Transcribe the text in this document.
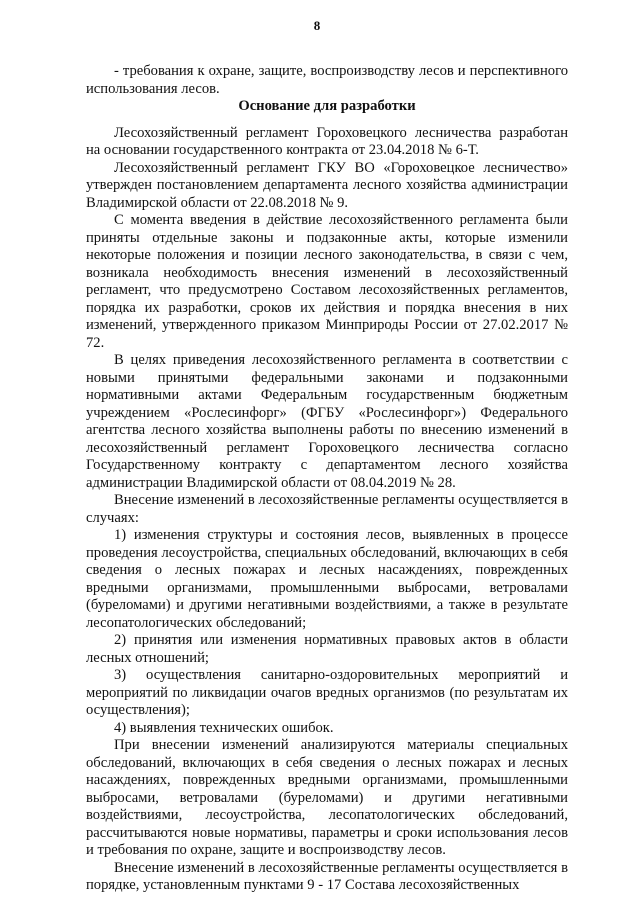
8

- требования к охране, защите, воспроизводству лесов и перспективного использования лесов.

Основание для разработки

Лесохозяйственный регламент Гороховецкого лесничества разработан на основании государственного контракта от 23.04.2018 № 6-Т.

Лесохозяйственный регламент ГКУ ВО «Гороховецкое лесничество» утвержден постановлением департамента лесного хозяйства администрации Владимирской области от 22.08.2018 № 9.

С момента введения в действие лесохозяйственного регламента были приняты отдельные законы и подзаконные акты, которые изменили некоторые положения и позиции лесного законодательства, в связи с чем, возникала необходимость внесения изменений в лесохозяйственный регламент, что предусмотрено Составом лесохозяйственных регламентов, порядка их разработки, сроков их действия и порядка внесения в них изменений, утвержденного приказом Минприроды России от 27.02.2017 № 72.

В целях приведения лесохозяйственного регламента в соответствии с новыми принятыми федеральными законами и подзаконными нормативными актами Федеральным государственным бюджетным учреждением «Рослесинфорг» (ФГБУ «Рослесинфорг») Федерального агентства лесного хозяйства выполнены работы по внесению изменений в лесохозяйственный регламент Гороховецкого лесничества согласно Государственному контракту с департаментом лесного хозяйства администрации Владимирской области от 08.04.2019 № 28.

Внесение изменений в лесохозяйственные регламенты осуществляется в случаях:

1) изменения структуры и состояния лесов, выявленных в процессе проведения лесоустройства, специальных обследований, включающих в себя сведения о лесных пожарах и лесных насаждениях, поврежденных вредными организмами, промышленными выбросами, ветровалами (буреломами) и другими негативными воздействиями, а также в результате лесопатологических обследований;

2) принятия или изменения нормативных правовых актов в области лесных отношений;

3) осуществления санитарно-оздоровительных мероприятий и мероприятий по ликвидации очагов вредных организмов (по результатам их осуществления);

4) выявления технических ошибок.

При внесении изменений анализируются материалы специальных обследований, включающих в себя сведения о лесных пожарах и лесных насаждениях, поврежденных вредными организмами, промышленными выбросами, ветровалами (буреломами) и другими негативными воздействиями, лесоустройства, лесопатологических обследований, рассчитываются новые нормативы, параметры и сроки использования лесов и требования по охране, защите и воспроизводству лесов.

Внесение изменений в лесохозяйственные регламенты осуществляется в порядке, установленным пунктами 9 - 17 Состава лесохозяйственных
